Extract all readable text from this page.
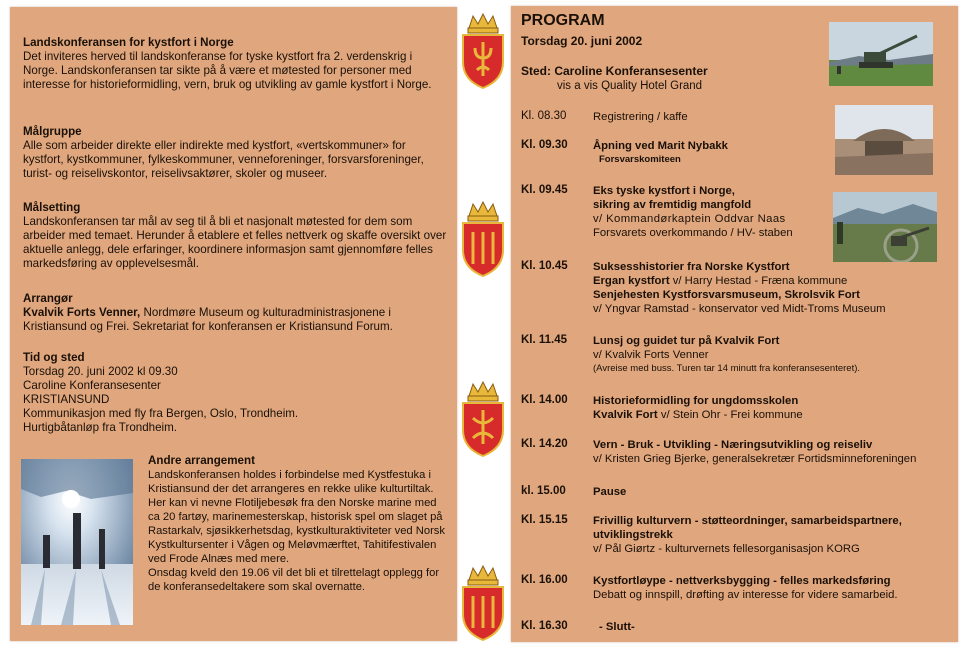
Landskonferansen for kystfort i Norge
Det inviteres herved til landskonferanse for tyske kystfort fra 2. verdenskrig i Norge. Landskonferansen tar sikte på å være et møtested for personer med interesse for historieformidling, vern, bruk og utvikling av gamle kystfort i Norge.
Målgruppe
Alle som arbeider direkte eller indirekte med kystfort, «vertskommuner» for kystfort, kystkommuner, fylkeskommuner, venneforeninger, forsvarsforeninger, turist- og reiselivskontor, reiselivsaktører, skoler og museer.
Målsetting
Landskonferansen tar mål av seg til å bli et nasjonalt møtested for dem som arbeider med temaet. Herunder å etablere et felles nettverk og skaffe oversikt over aktuelle anlegg, dele erfaringer, koordinere informasjon samt gjennomføre felles markedsføring av opplevelsesmål.
Arrangør
Kvalvik Forts Venner, Nordmøre Museum og kulturadministrasjonene i Kristiansund og Frei. Sekretariat for konferansen er Kristiansund Forum.
Tid og sted
Torsdag 20. juni 2002 kl 09.30
Caroline Konferansesenter
KRISTIANSUND
Kommunikasjon med fly fra Bergen, Oslo, Trondheim.
Hurtigbåtanløp fra Trondheim.
Andre arrangement
Landskonferansen holdes i forbindelse med Kystfestuka i Kristiansund der det arrangeres en rekke ulike kulturtiltak. Her kan vi nevne Flotiljebesøk fra den Norske marine med ca 20 fartøy, marinemesterskap, historisk spel om slaget på Rastarkalv, sjøsikkerhetsdag, kystkulturaktiviteter ved Norsk Kystkultursenter i Vågen og Meløvmærftet, Tahitifestivalen ved Frode Alnæs med mere.
Onsdag kveld den 19.06 vil det bli et tilrettelagt opplegg for de konferansedeltakere som skal overnatte.
PROGRAM
Torsdag 20. juni 2002
Sted: Caroline Konferansesenter
vis a vis Quality Hotel Grand
Kl. 08.30	Registrering / kaffe
Kl. 09.30	Åpning ved Marit Nybakk
Forsvarskomiteen
Kl. 09.45	Eks tyske kystfort i Norge,
sikring av fremtidig mangfold
v/ Kommandørkaptein Oddvar Naas
Forsvarets overkommando / HV- staben
Kl. 10.45	Suksesshistorier fra Norske Kystfort
Ergan kystfort v/ Harry Hestad - Fræna kommune
Senjehesten Kystforsvarsmuseum, Skrolsvik Fort
v/ Yngvar Ramstad - konservator ved Midt-Troms Museum
Kl. 11.45	Lunsj og guidet tur på Kvalvik Fort
v/ Kvalvik Forts Venner
(Avreise med buss. Turen tar 14 minutt fra konferansesenteret).
Kl. 14.00	Historieformidling for ungdomsskolen
Kvalvik Fort v/ Stein Ohr - Frei kommune
Kl. 14.20	Vern - Bruk - Utvikling - Næringsutvikling og reiseliv
v/ Kristen Grieg Bjerke, generalsekretær Fortidsminneforeningen
kl. 15.00	Pause
Kl. 15.15	Frivillig kulturvern - støtteordninger, samarbeidspartnere,
utviklingstrekk
v/ Pål Giørtz - kulturvernets fellesorganisasjon KORG
Kl. 16.00	Kystfortløype - nettverksbygging - felles markedsføring
Debatt og innspill, drøfting av interesse for videre samarbeid.
Kl. 16.30	- Slutt-
